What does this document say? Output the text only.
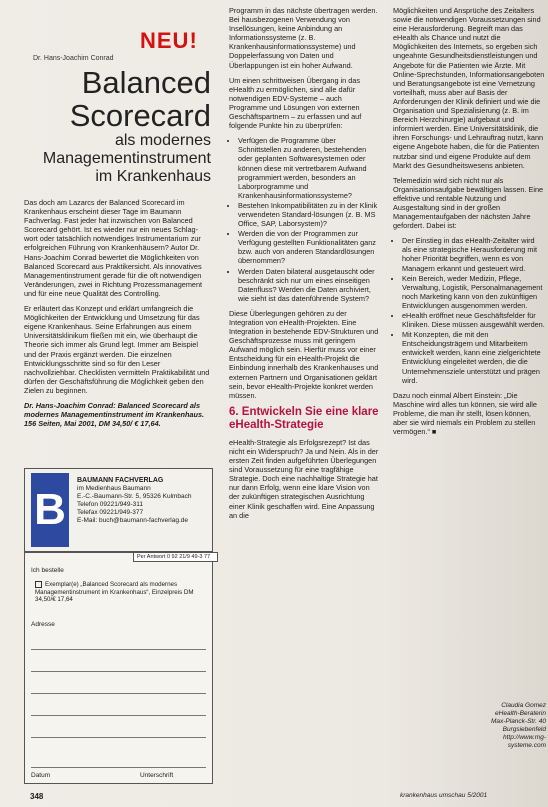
NEU!
Dr. Hans-Joachim Conrad
Balanced
Scorecard
als modernes
Managementinstrument
im Krankenhaus

Das doch am Lazarcs der Balanced Scorecard im Krankenhaus erscheint dieser Tage im Baumann Fachverlag. Fast jeder hat inzwischen von Balanced Scorecard gehört. Ist es wieder nur ein neues Schlag-wort oder tatsächlich notwendiges Instrumentarium zur erfolgreichen Führung von Krankenhäusern? Autor Dr. Hans-Joachim Conrad bewertet die Möglichkeiten von Balanced Scorecard aus Praktikersicht. Als innovatives Managementinstrument gerade für die oft notwendigen Veränderungen, zwei in Richtung Prozessmanagement und für eine neue Qualität des Controlling.

Er erläutert das Konzept und erklärt umfangreich die Möglichkeiten der Entwicklung und Umsetzung für das eigene Krankenhaus. Seine Erfahrungen aus einem Universitätsklinikum fließen mit ein, wie überhaupt die Theorie sich immer als Grund legt. Immer am Beispiel und der Praxis ergänzt werden. Die einzelnen Entwicklungsschritte sind so für den Leser nachvollziehbar. Checklisten vermitteln Praktikabilität und dürfen der Geschäftsführung die Möglichkeit geben den Zielen zu beginnen.

Dr. Hans-Joachim Conrad: Balanced Scorecard als modernes Managementinstrument im Krankenhaus. 156 Seiten, Mai 2001, DM 34,50/ € 17,64.

B
BAUMANN FACHVERLAG
im Medienhaus Baumann
E.-C.-Baumann-Str. 5, 95326 Kulmbach
Telefon 09221/949-311
Telefax 09221/949-377
E-Mail: buch@baumann-fachverlag.de
Per Antwort 0 92 21/9 49-3 77
Ich bestelle
Exemplar(e) „Balanced Scorecard als modernes Managementinstrument im Krankenhaus“, Einzelpreis DM 34,50/€ 17,64
Adresse
Datum	Unterschrift

Programm in das nächste übertragen werden. Bei hausbezogenen Verwendung von Insellösungen, keine Anbindung an Informationssysteme (z. B. Krankenhausinformationssysteme) und Doppelerfassung von Daten und Überlappungen ist ein hoher Aufwand.

Um einen schrittweisen Übergang in das eHealth zu ermöglichen, sind alle dafür notwendigen EDV-Systeme – auch Programme und Lösungen von externen Geschäftspartnern – zu erfassen und auf folgende Punkte hin zu überprüfen:

• Verfügen die Programme über Schnittstellen zu anderen, bestehenden oder geplanten Softwaresystemen oder können diese mit vertretbarem Aufwand programmiert werden, besonders an Laborprogramme und Krankenhausinformationssysteme?
• Bestehen Inkompatibilitäten zu in der Klinik verwendeten Standard-lösungen (z. B. MS Office, SAP, Laborsystem)?
• Werden die von der Programmen zur Verfügung gestellten Funktionalitäten ganz bzw. auch von anderen Standardlösungen übernommen?
• Werden Daten bilateral ausgetauscht oder beschränkt sich nur um eines einseitigen Datenfluss? Werden die Daten archiviert, wie sieht ist das datenführende System?

Diese Überlegungen gehören zu der Integration von eHealth-Projekten. Eine Integration in bestehende EDV-Strukturen und Geschäftsprozesse muss mit geringem Aufwand möglich sein. Hierfür muss vor einer Entscheidung für ein eHealth-Projekt die Einbindung innerhalb des Krankenhauses und externen Partnern und Organisationen geklärt sein, bevor eHealth-Projekte konkret werden müssen.

6. Entwickeln Sie eine klare eHealth-Strategie

eHealth-Strategie als Erfolgsrezept? Ist das nicht ein Widerspruch? Ja und Nein. Als in der ersten Zeit finden aufgeführten Überlegungen sind Voraussetzung für eine tragfähige Strategie. Doch eine nachhaltige Strategie hat nur dann Erfolg, wenn eine klare Vision von der zukünftigen strategischen Ausrichtung einer Klinik geschaffen wird. Eine Anpassung an die

Möglichkeiten und Ansprüche des Zeitalters sowie die notwendigen Voraussetzungen sind eine Herausforderung. Begreift man das eHealth als Chance und nutzt die Möglichkeiten des Internets, so ergeben sich ungeahnte Gesundheitsdienstleistungen und Angebote für die Patienten wie Ärzte. Mit Online-Sprechstunden, Informationsangeboten und Beratungsangebote ist eine Vernetzung vorteilhaft, muss aber auf Basis der Anforderungen der Klinik definiert und wie die Organisation und Spezialisierung (z. B. im Bereich Herzchirurgie) aufgebaut und informiert werden. Eine Universitätsklinik, die ihren Forschungs- und Lehrauftrag nutzt, kann eigene Angebote haben, die für die Patienten nutzbar sind und eigene Produkte auf dem Markt des Gesundheitswesens anbieten.

Telemedizin wird sich nicht nur als Organisationsaufgabe bewältigen lassen. Eine effektive und rentable Nutzung und Ausgestaltung sind in der großen Managementaufgaben der nächsten Jahre gefordert. Dabei ist:

• Der Einstieg in das eHealth-Zeitalter wird als eine strategische Herausforderung mit hoher Priorität begriffen, wenn es von Managern erkannt und gesteuert wird.
• Kein Bereich, weder Medizin, Pflege, Verwaltung, Logistik, Personalmanagement noch Marketing kann von den zukünftigen Entwicklungen ausgenommen werden.
• eHealth eröffnet neue Geschäftsfelder für Kliniken. Diese müssen ausgewählt werden.
• Mit Konzepten, die mit den Entscheidungsträgern und Mitarbeitern entwickelt werden, kann eine zielgerichtete Entwicklung eingeleitet werden, die die Unternehmensziele unterstützt und prägen wird.

Dazu noch einmal Albert Einstein: „Die Maschine wird alles tun können, sie wird alle Probleme, die man ihr stellt, lösen können, aber sie wird niemals ein Problem zu stellen vermögen.“ ■

Claudia Gomez
eHealth-Beraterin
Max-Planck-Str. 40
Burgsiebenfeld
http://www.mg-systeme.com
348	krankenhaus umschau 5/2001
